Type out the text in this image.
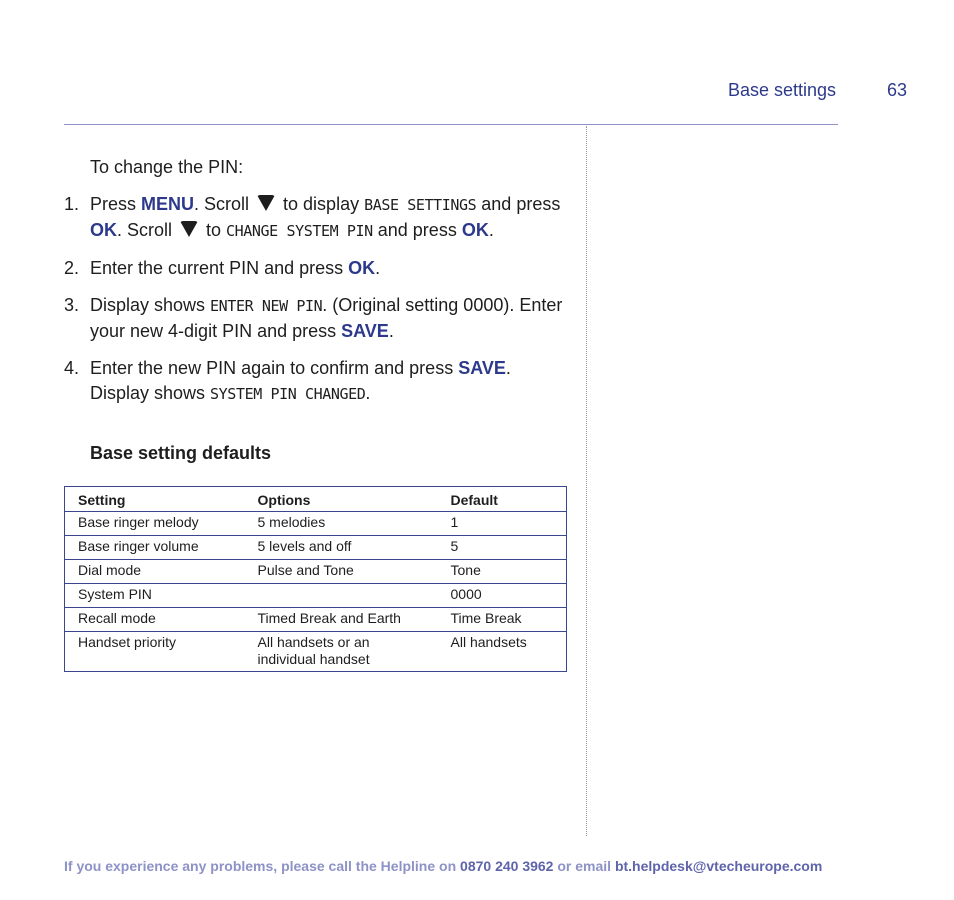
Base settings	63

To change the PIN:

1. Press MENU. Scroll  to display BASE SETTINGS and press OK. Scroll  to CHANGE SYSTEM PIN and press OK.
2. Enter the current PIN and press OK.
3. Display shows ENTER NEW PIN. (Original setting 0000). Enter your new 4-digit PIN and press SAVE.
4. Enter the new PIN again to confirm and press SAVE. Display shows SYSTEM PIN CHANGED.
Base setting defaults
Setting	Options	Default
Base ringer melody	5 melodies	1
Base ringer volume	5 levels and off	5
Dial mode	Pulse and Tone	Tone
System PIN		0000
Recall mode	Timed Break and Earth	Time Break
Handset priority	All handsets or an individual handset	All handsets
If you experience any problems, please call the Helpline on 0870 240 3962 or email bt.helpdesk@vtecheurope.com
